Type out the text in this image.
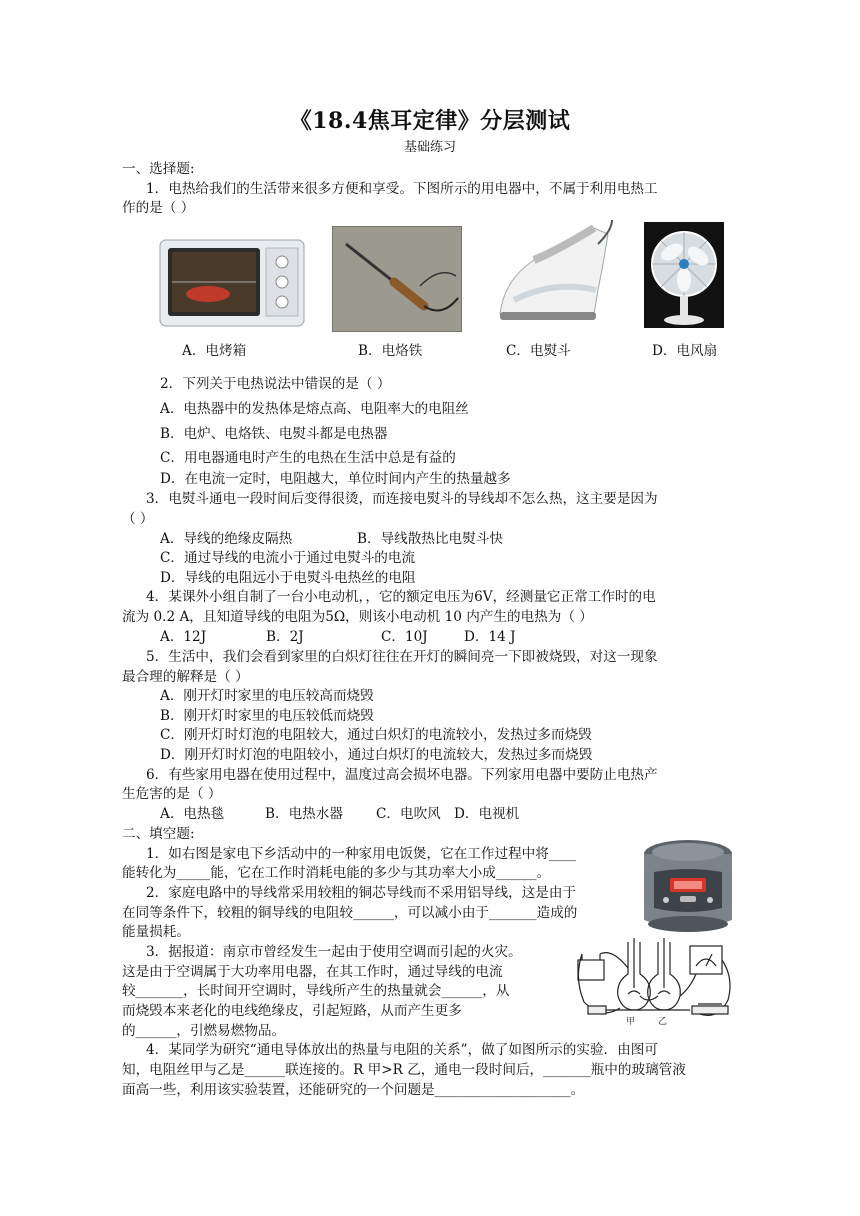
《18.4焦耳定律》分层测试
基础练习
一、选择题:
1．电热给我们的生活带来很多方便和享受。下图所示的用电器中，不属于利用电热工
作的是（ ）
A．电烤箱	B．电烙铁	C．电熨斗	D．电风扇
2．下列关于电热说法中错误的是（ ）
A．电热器中的发热体是熔点高、电阻率大的电阻丝
B．电炉、电烙铁、电熨斗都是电热器
C．用电器通电时产生的电热在生活中总是有益的
D．在电流一定时，电阻越大，单位时间内产生的热量越多
3．电熨斗通电一段时间后变得很烫，而连接电熨斗的导线却不怎么热，这主要是因为
（ ）
A．导线的绝缘皮隔热	B．导线散热比电熨斗快
C．通过导线的电流小于通过电熨斗的电流
D．导线的电阻远小于电熨斗电热丝的电阻
4．某课外小组自制了一台小电动机，，它的额定电压为6V，经测量它正常工作时的电
流为 0.2 A，且知道导线的电阻为5Ω，则该小电动机 10 内产生的电热为（ ）
A．12J	B．2J	C．10J	D．14 J
5．生活中，我们会看到家里的白炽灯往往在开灯的瞬间亮一下即被烧毁，对这一现象
最合理的解释是（ ）
A．刚开灯时家里的电压较高而烧毁
B．刚开灯时家里的电压较低而烧毁
C．刚开灯时灯泡的电阻较大，通过白炽灯的电流较小，发热过多而烧毁
D．刚开灯时灯泡的电阻较小，通过白炽灯的电流较大，发热过多而烧毁
6．有些家用电器在使用过程中，温度过高会损坏电器。下列家用电器中要防止电热产
生危害的是（ ）
A．电热毯	B．电热水器 C．电吹风 D．电视机
二、填空题:
1．如右图是家电下乡活动中的一种家用电饭煲，它在工作过程中将____
能转化为_____能，它在工作时消耗电能的多少与其功率大小成______。
2．家庭电路中的导线常采用较粗的铜芯导线而不采用铝导线，这是由于
在同等条件下，较粗的铜导线的电阻较______，可以减小由于_______造成的
能量损耗。
3．据报道：南京市曾经发生一起由于使用空调而引起的火灾。
这是由于空调属于大功率用电器，在其工作时，通过导线的电流
较_______，长时间开空调时，导线所产生的热量就会______，从
而烧毁本来老化的电线绝缘皮，引起短路，从而产生更多
的______，引燃易燃物品。
4．某同学为研究“通电导体放出的热量与电阻的关系”，做了如图所示的实验．由图可
知，电阻丝甲与乙是______联连接的。R 甲>R 乙，通电一段时间后，_______瓶中的玻璃管液
面高一些，利用该实验装置，还能研究的一个问题是____________________。
甲	乙
